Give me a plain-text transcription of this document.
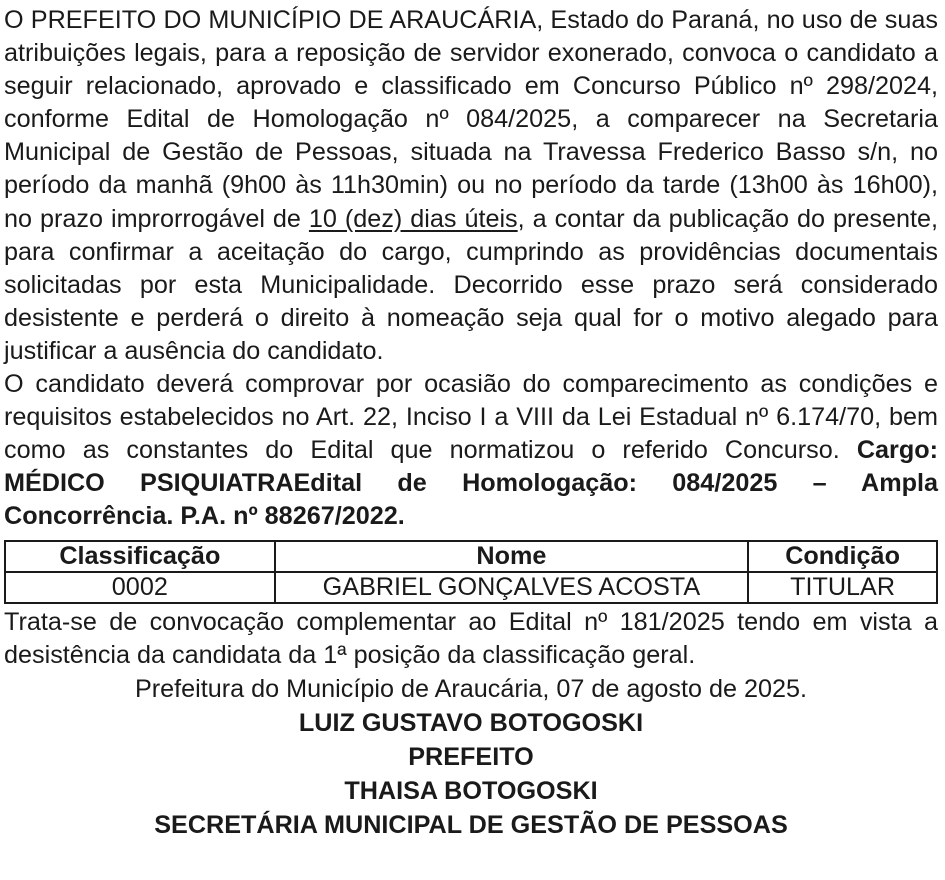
O PREFEITO DO MUNICÍPIO DE ARAUCÁRIA, Estado do Paraná, no uso de suas atribuições legais, para a reposição de servidor exonerado, convoca o candidato a seguir relacionado, aprovado e classificado em Concurso Público nº 298/2024, conforme Edital de Homologação nº 084/2025, a comparecer na Secretaria Municipal de Gestão de Pessoas, situada na Travessa Frederico Basso s/n, no período da manhã (9h00 às 11h30min) ou no período da tarde (13h00 às 16h00), no prazo improrrogável de 10 (dez) dias úteis, a contar da publicação do presente, para confirmar a aceitação do cargo, cumprindo as providências documentais solicitadas por esta Municipalidade. Decorrido esse prazo será considerado desistente e perderá o direito à nomeação seja qual for o motivo alegado para justificar a ausência do candidato.

O candidato deverá comprovar por ocasião do comparecimento as condições e requisitos estabelecidos no Art. 22, Inciso I a VIII da Lei Estadual nº 6.174/70, bem como as constantes do Edital que normatizou o referido Concurso. Cargo: MÉDICO PSIQUIATRAEdital de Homologação: 084/2025 – Ampla Concorrência. P.A. nº 88267/2022.

Classificação	Nome	Condição
0002	GABRIEL GONÇALVES ACOSTA	TITULAR

Trata-se de convocação complementar ao Edital nº 181/2025 tendo em vista a desistência da candidata da 1ª posição da classificação geral.

Prefeitura do Município de Araucária, 07 de agosto de 2025.

LUIZ GUSTAVO BOTOGOSKI

PREFEITO

THAISA BOTOGOSKI

SECRETÁRIA MUNICIPAL DE GESTÃO DE PESSOAS
